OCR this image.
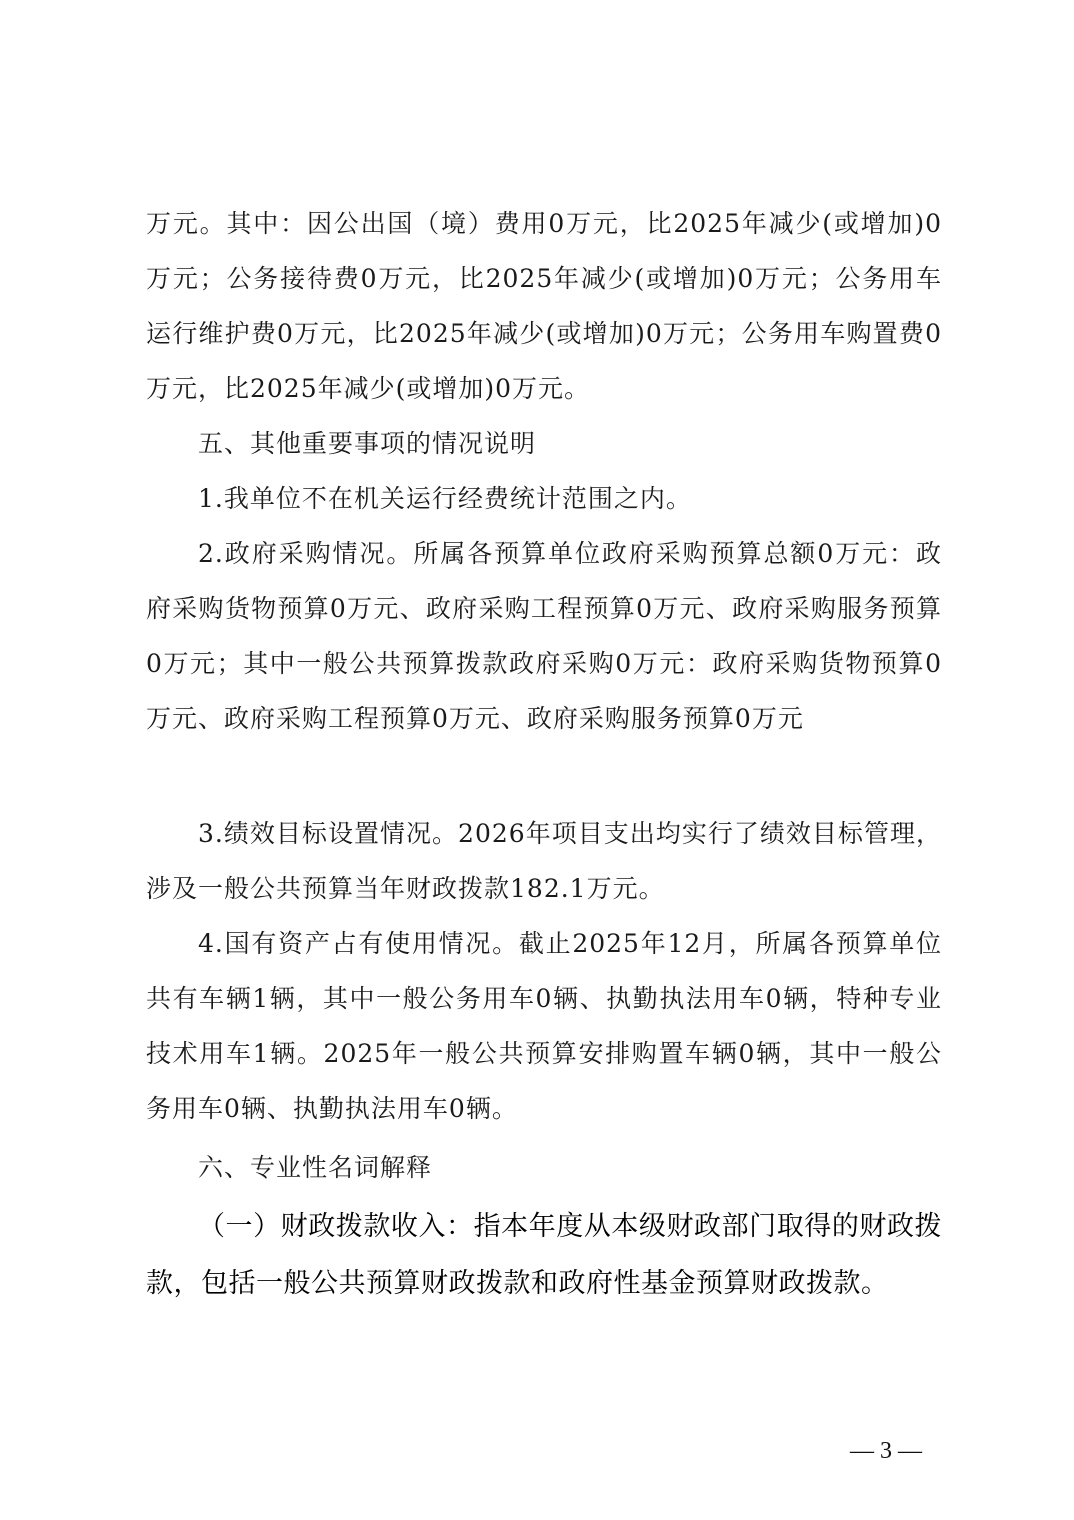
万元。其中：因公出国（境）费用0万元，比2025年减少(或增加)0万元；公务接待费0万元，比2025年减少(或增加)0万元；公务用车运行维护费0万元，比2025年减少(或增加)0万元；公务用车购置费0万元，比2025年减少(或增加)0万元。

五、其他重要事项的情况说明

1.我单位不在机关运行经费统计范围之内。

2.政府采购情况。所属各预算单位政府采购预算总额0万元：政府采购货物预算0万元、政府采购工程预算0万元、政府采购服务预算0万元；其中一般公共预算拨款政府采购0万元：政府采购货物预算0万元、政府采购工程预算0万元、政府采购服务预算0万元

3.绩效目标设置情况。2026年项目支出均实行了绩效目标管理，涉及一般公共预算当年财政拨款182.1万元。

4.国有资产占有使用情况。截止2025年12月，所属各预算单位共有车辆1辆，其中一般公务用车0辆、执勤执法用车0辆，特种专业技术用车1辆。2025年一般公共预算安排购置车辆0辆，其中一般公务用车0辆、执勤执法用车0辆。

六、专业性名词解释

（一）财政拨款收入：指本年度从本级财政部门取得的财政拨款，包括一般公共预算财政拨款和政府性基金预算财政拨款。

— 3 —
